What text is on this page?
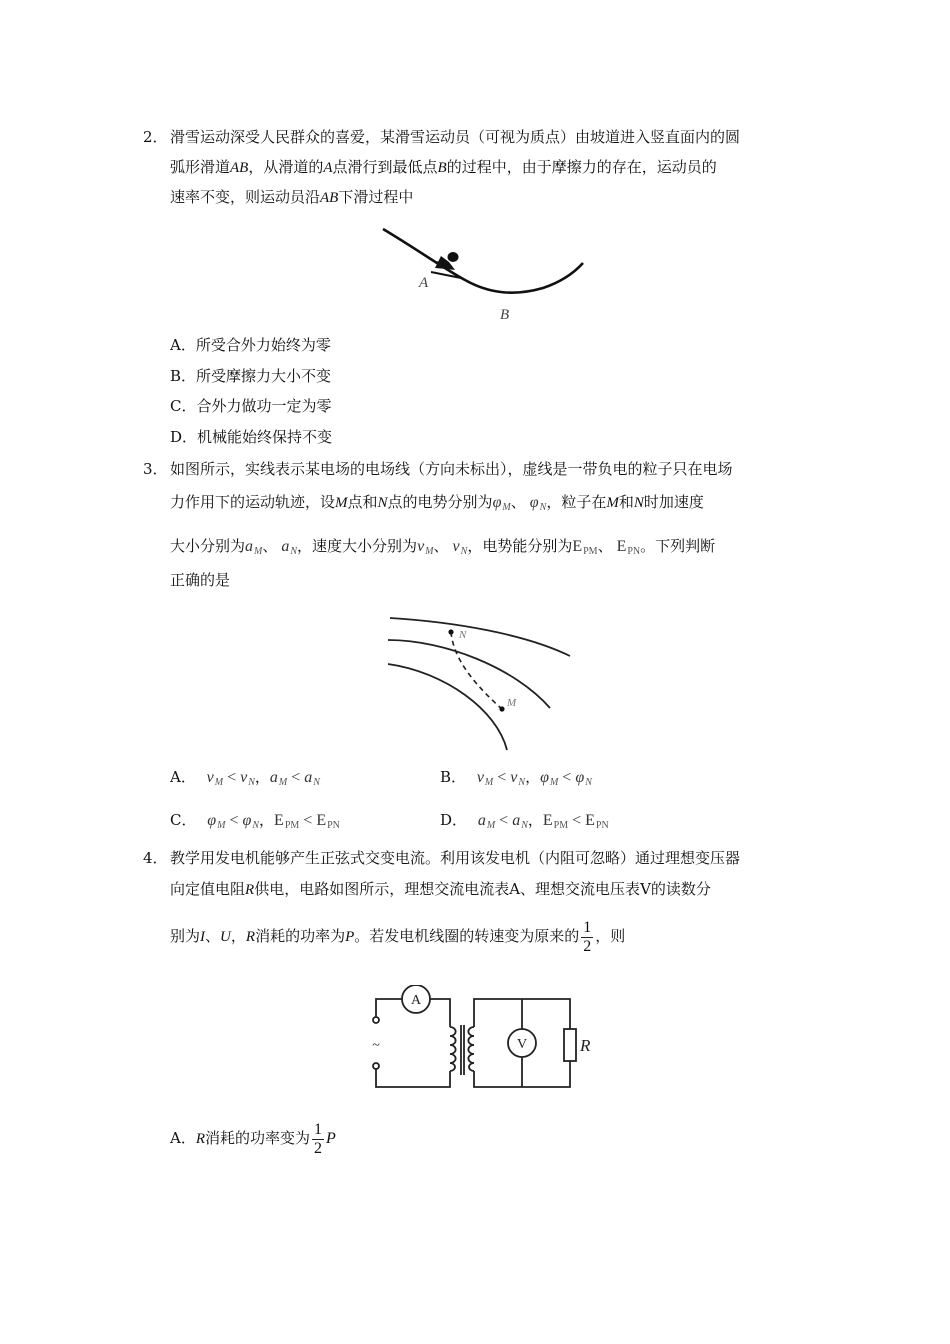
2． 滑雪运动深受人民群众的喜爱，某滑雪运动员（可视为质点）由坡道进入竖直面内的圆
弧形滑道AB，从滑道的A点滑行到最低点B的过程中，由于摩擦力的存在，运动员的
速率不变，则运动员沿AB下滑过程中
A
B
A．所受合外力始终为零
B．所受摩擦力大小不变
C．合外力做功一定为零
D．机械能始终保持不变
3． 如图所示，实线表示某电场的电场线（方向未标出），虚线是一带负电的粒子只在电场
力作用下的运动轨迹，设M点和N点的电势分别为$\varphi_M$、 $\varphi_N$，粒子在M和N时加速度
大小分别为$a_M$、 $a_N$，速度大小分别为$v_M$、 $v_N$，电势能分别为EPM、 EPN。下列判断
正确的是
N
M
A． $v_M < v_N$，$a_M < a_N$	B． $v_M < v_N$，$\varphi_M < \varphi_N$
C． $\varphi_M < \varphi_N$，EPM < EPN	D． $a_M < a_N$，EPM < EPN
4． 教学用发电机能够产生正弦式交变电流。利用该发电机（内阻可忽略）通过理想变压器
向定值电阻R供电，电路如图所示，理想交流电流表A、理想交流电压表V的读数分
别为I、U，R消耗的功率为P。若发电机线圈的转速变为原来的 $\frac{1}{2}$ ，则
A
V	R
~
A．R消耗的功率变为 $\frac{1}{2}$ P
